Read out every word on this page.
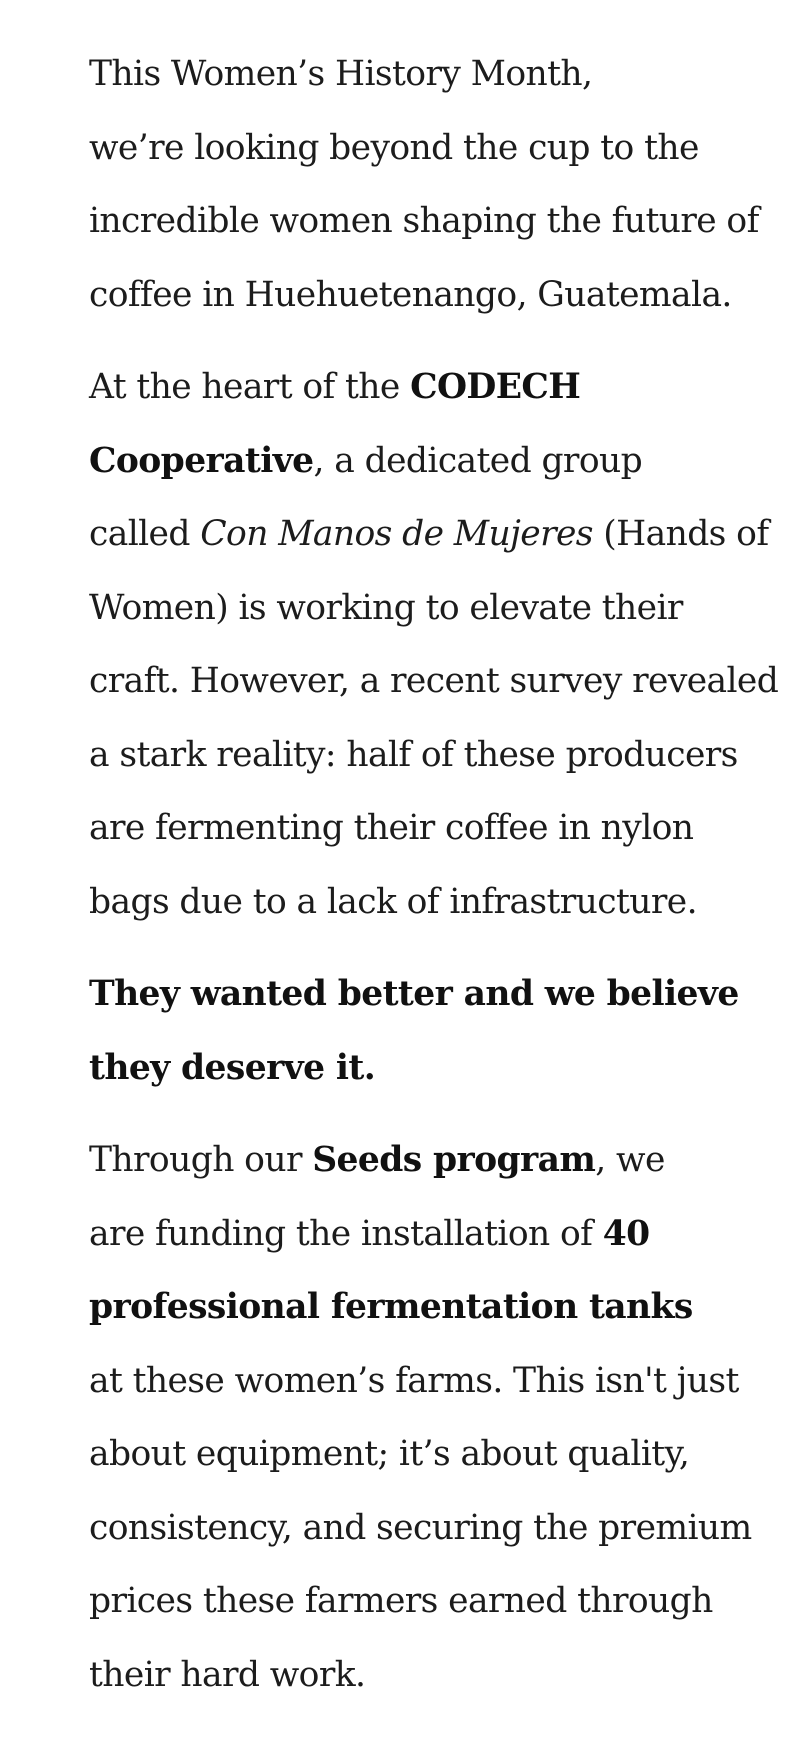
This Women’s History Month,
we’re looking beyond the cup to the
incredible women shaping the future of
coffee in Huehuetenango, Guatemala.

At the heart of the CODECH
Cooperative, a dedicated group
called Con Manos de Mujeres (Hands of
Women) is working to elevate their
craft. However, a recent survey revealed
a stark reality: half of these producers
are fermenting their coffee in nylon
bags due to a lack of infrastructure.

They wanted better and we believe
they deserve it.

Through our Seeds program, we
are funding the installation of 40
professional fermentation tanks
at these women’s farms. This isn't just
about equipment; it’s about quality,
consistency, and securing the premium
prices these farmers earned through
their hard work.
